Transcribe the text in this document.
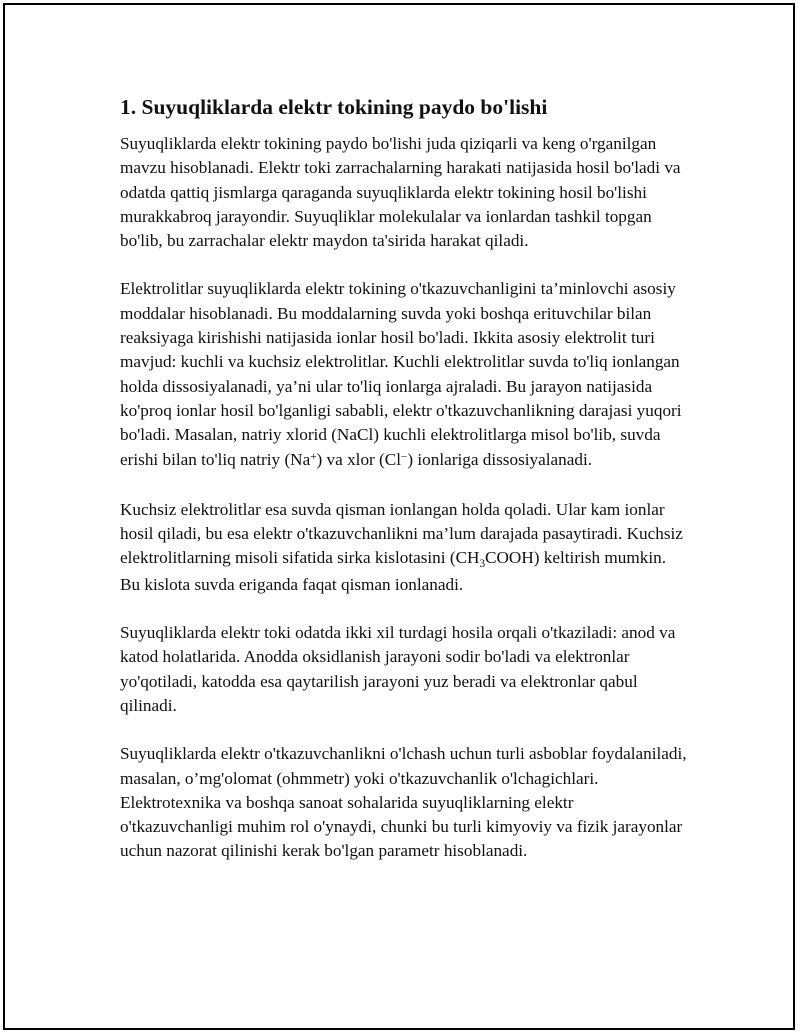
1. Suyuqliklarda elektr tokining paydo bo'lishi

Suyuqliklarda elektr tokining paydo bo'lishi juda qiziqarli va keng o'rganilgan mavzu hisoblanadi. Elektr toki zarrachalarning harakati natijasida hosil bo'ladi va odatda qattiq jismlarga qaraganda suyuqliklarda elektr tokining hosil bo'lishi murakkabroq jarayondir. Suyuqliklar molekulalar va ionlardan tashkil topgan bo'lib, bu zarrachalar elektr maydon ta'sirida harakat qiladi.

Elektrolitlar suyuqliklarda elektr tokining o'tkazuvchanligini ta’minlovchi asosiy moddalar hisoblanadi. Bu moddalarning suvda yoki boshqa erituvchilar bilan reaksiyaga kirishishi natijasida ionlar hosil bo'ladi. Ikkita asosiy elektrolit turi mavjud: kuchli va kuchsiz elektrolitlar. Kuchli elektrolitlar suvda to'liq ionlangan holda dissosiyalanadi, ya’ni ular to'liq ionlarga ajraladi. Bu jarayon natijasida ko'proq ionlar hosil bo'lganligi sababli, elektr o'tkazuvchanlikning darajasi yuqori bo'ladi. Masalan, natriy xlorid (NaCl) kuchli elektrolitlarga misol bo'lib, suvda erishi bilan to'liq natriy (Na+) va xlor (Cl−) ionlariga dissosiyalanadi.

Kuchsiz elektrolitlar esa suvda qisman ionlangan holda qoladi. Ular kam ionlar hosil qiladi, bu esa elektr o'tkazuvchanlikni ma’lum darajada pasaytiradi. Kuchsiz elektrolitlarning misoli sifatida sirka kislotasini $(CH_3COOH)$ keltirish mumkin. Bu kislota suvda eriganda faqat qisman ionlanadi.

Suyuqliklarda elektr toki odatda ikki xil turdagi hosila orqali o'tkaziladi: anod va katod holatlarida. Anodda oksidlanish jarayoni sodir bo'ladi va elektronlar yo'qotiladi, katodda esa qaytarilish jarayoni yuz beradi va elektronlar qabul qilinadi.

Suyuqliklarda elektr o'tkazuvchanlikni o'lchash uchun turli asboblar foydalaniladi, masalan, o’mg'olomat (ohmmetr) yoki o'tkazuvchanlik o'lchagichlari. Elektrotexnika va boshqa sanoat sohalarida suyuqliklarning elektr o'tkazuvchanligi muhim rol o'ynaydi, chunki bu turli kimyoviy va fizik jarayonlar uchun nazorat qilinishi kerak bo'lgan parametr hisoblanadi.
